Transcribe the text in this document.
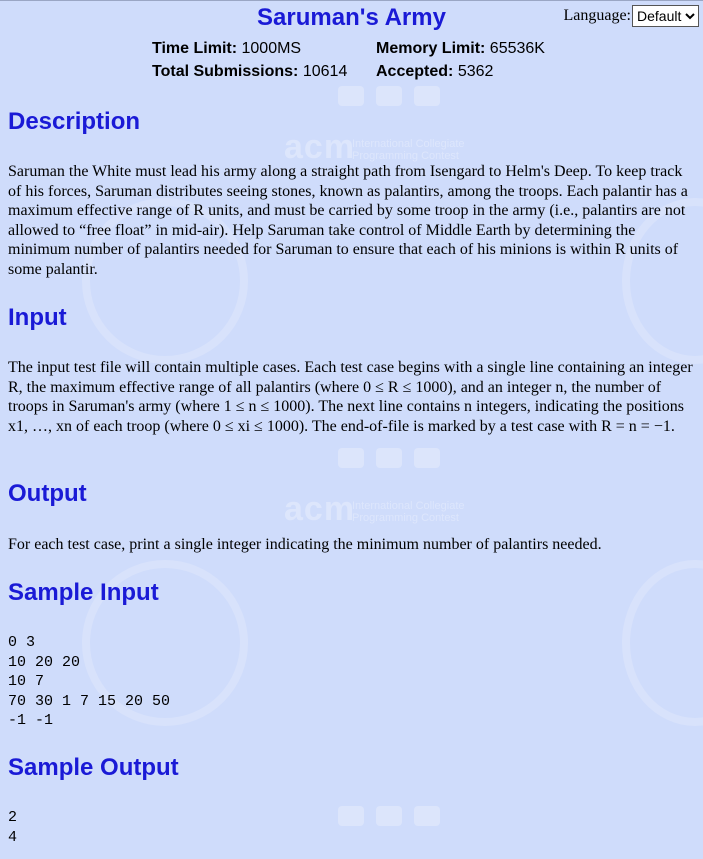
acm
International Collegiate
Programming Contest
acm
International Collegiate
Programming Contest
Saruman's Army	Language:
Default
Time Limit: 1000MS	Memory Limit: 65536K
Total Submissions: 10614	Accepted: 5362
Description

Saruman the White must lead his army along a straight path from Isengard to Helm's Deep. To keep track of his forces, Saruman distributes seeing stones, known as palantirs, among the troops. Each palantir has a maximum effective range of R units, and must be carried by some troop in the army (i.e., palantirs are not allowed to “free float” in mid-air). Help Saruman take control of Middle Earth by determining the minimum number of palantirs needed for Saruman to ensure that each of his minions is within R units of some palantir.

Input

The input test file will contain multiple cases. Each test case begins with a single line containing an integer R, the maximum effective range of all palantirs (where 0 ≤ R ≤ 1000), and an integer n, the number of troops in Saruman's army (where 1 ≤ n ≤ 1000). The next line contains n integers, indicating the positions x1, …, xn of each troop (where 0 ≤ xi ≤ 1000). The end-of-file is marked by a test case with R = n = −1.

Output

For each test case, print a single integer indicating the minimum number of palantirs needed.

Sample Input
0 3
10 20 20
10 7
70 30 1 7 15 20 50
-1 -1
Sample Output
2
4
